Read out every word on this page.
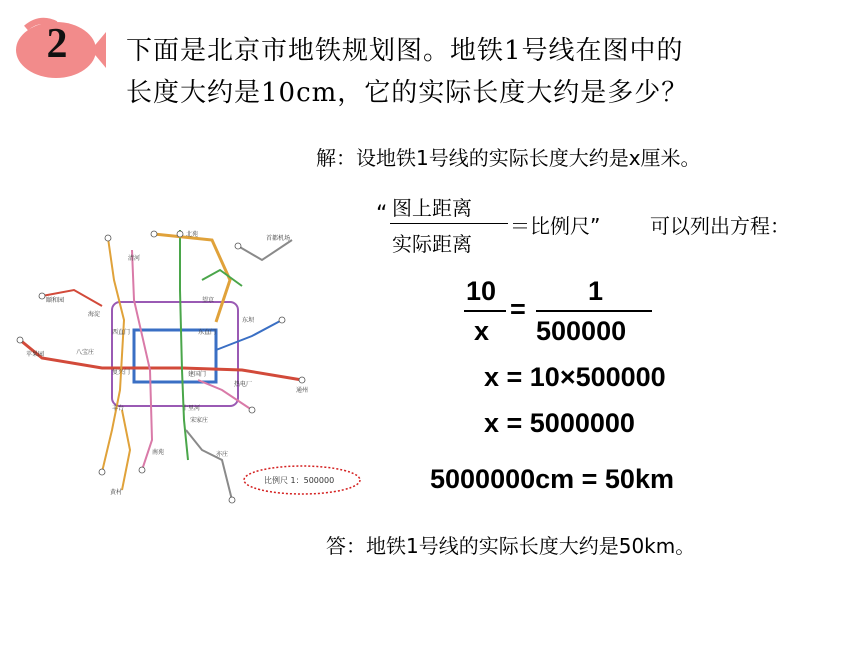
2	下面是北京市地铁规划图。地铁1号线在图中的
长度大约是10cm，它的实际长度大约是多少？
解：设地铁1号线的实际长度大约是x厘米。
“ 图上距离
实际距离
＝比例尺” 可以列出方程：
10
x
=
1
500000
x = 10×500000
x = 5000000
5000000cm = 50km
答：地铁1号线的实际长度大约是50km。
北苑
首都机场
清河
颐和园
海淀
望京
东直门
西直门
东坝
苹果园	八宝庄
复兴门	建国门
通州
丰台	十里河
热电厂
宋家庄
南苑	亦庄
黄村
比例尺 1：500000
